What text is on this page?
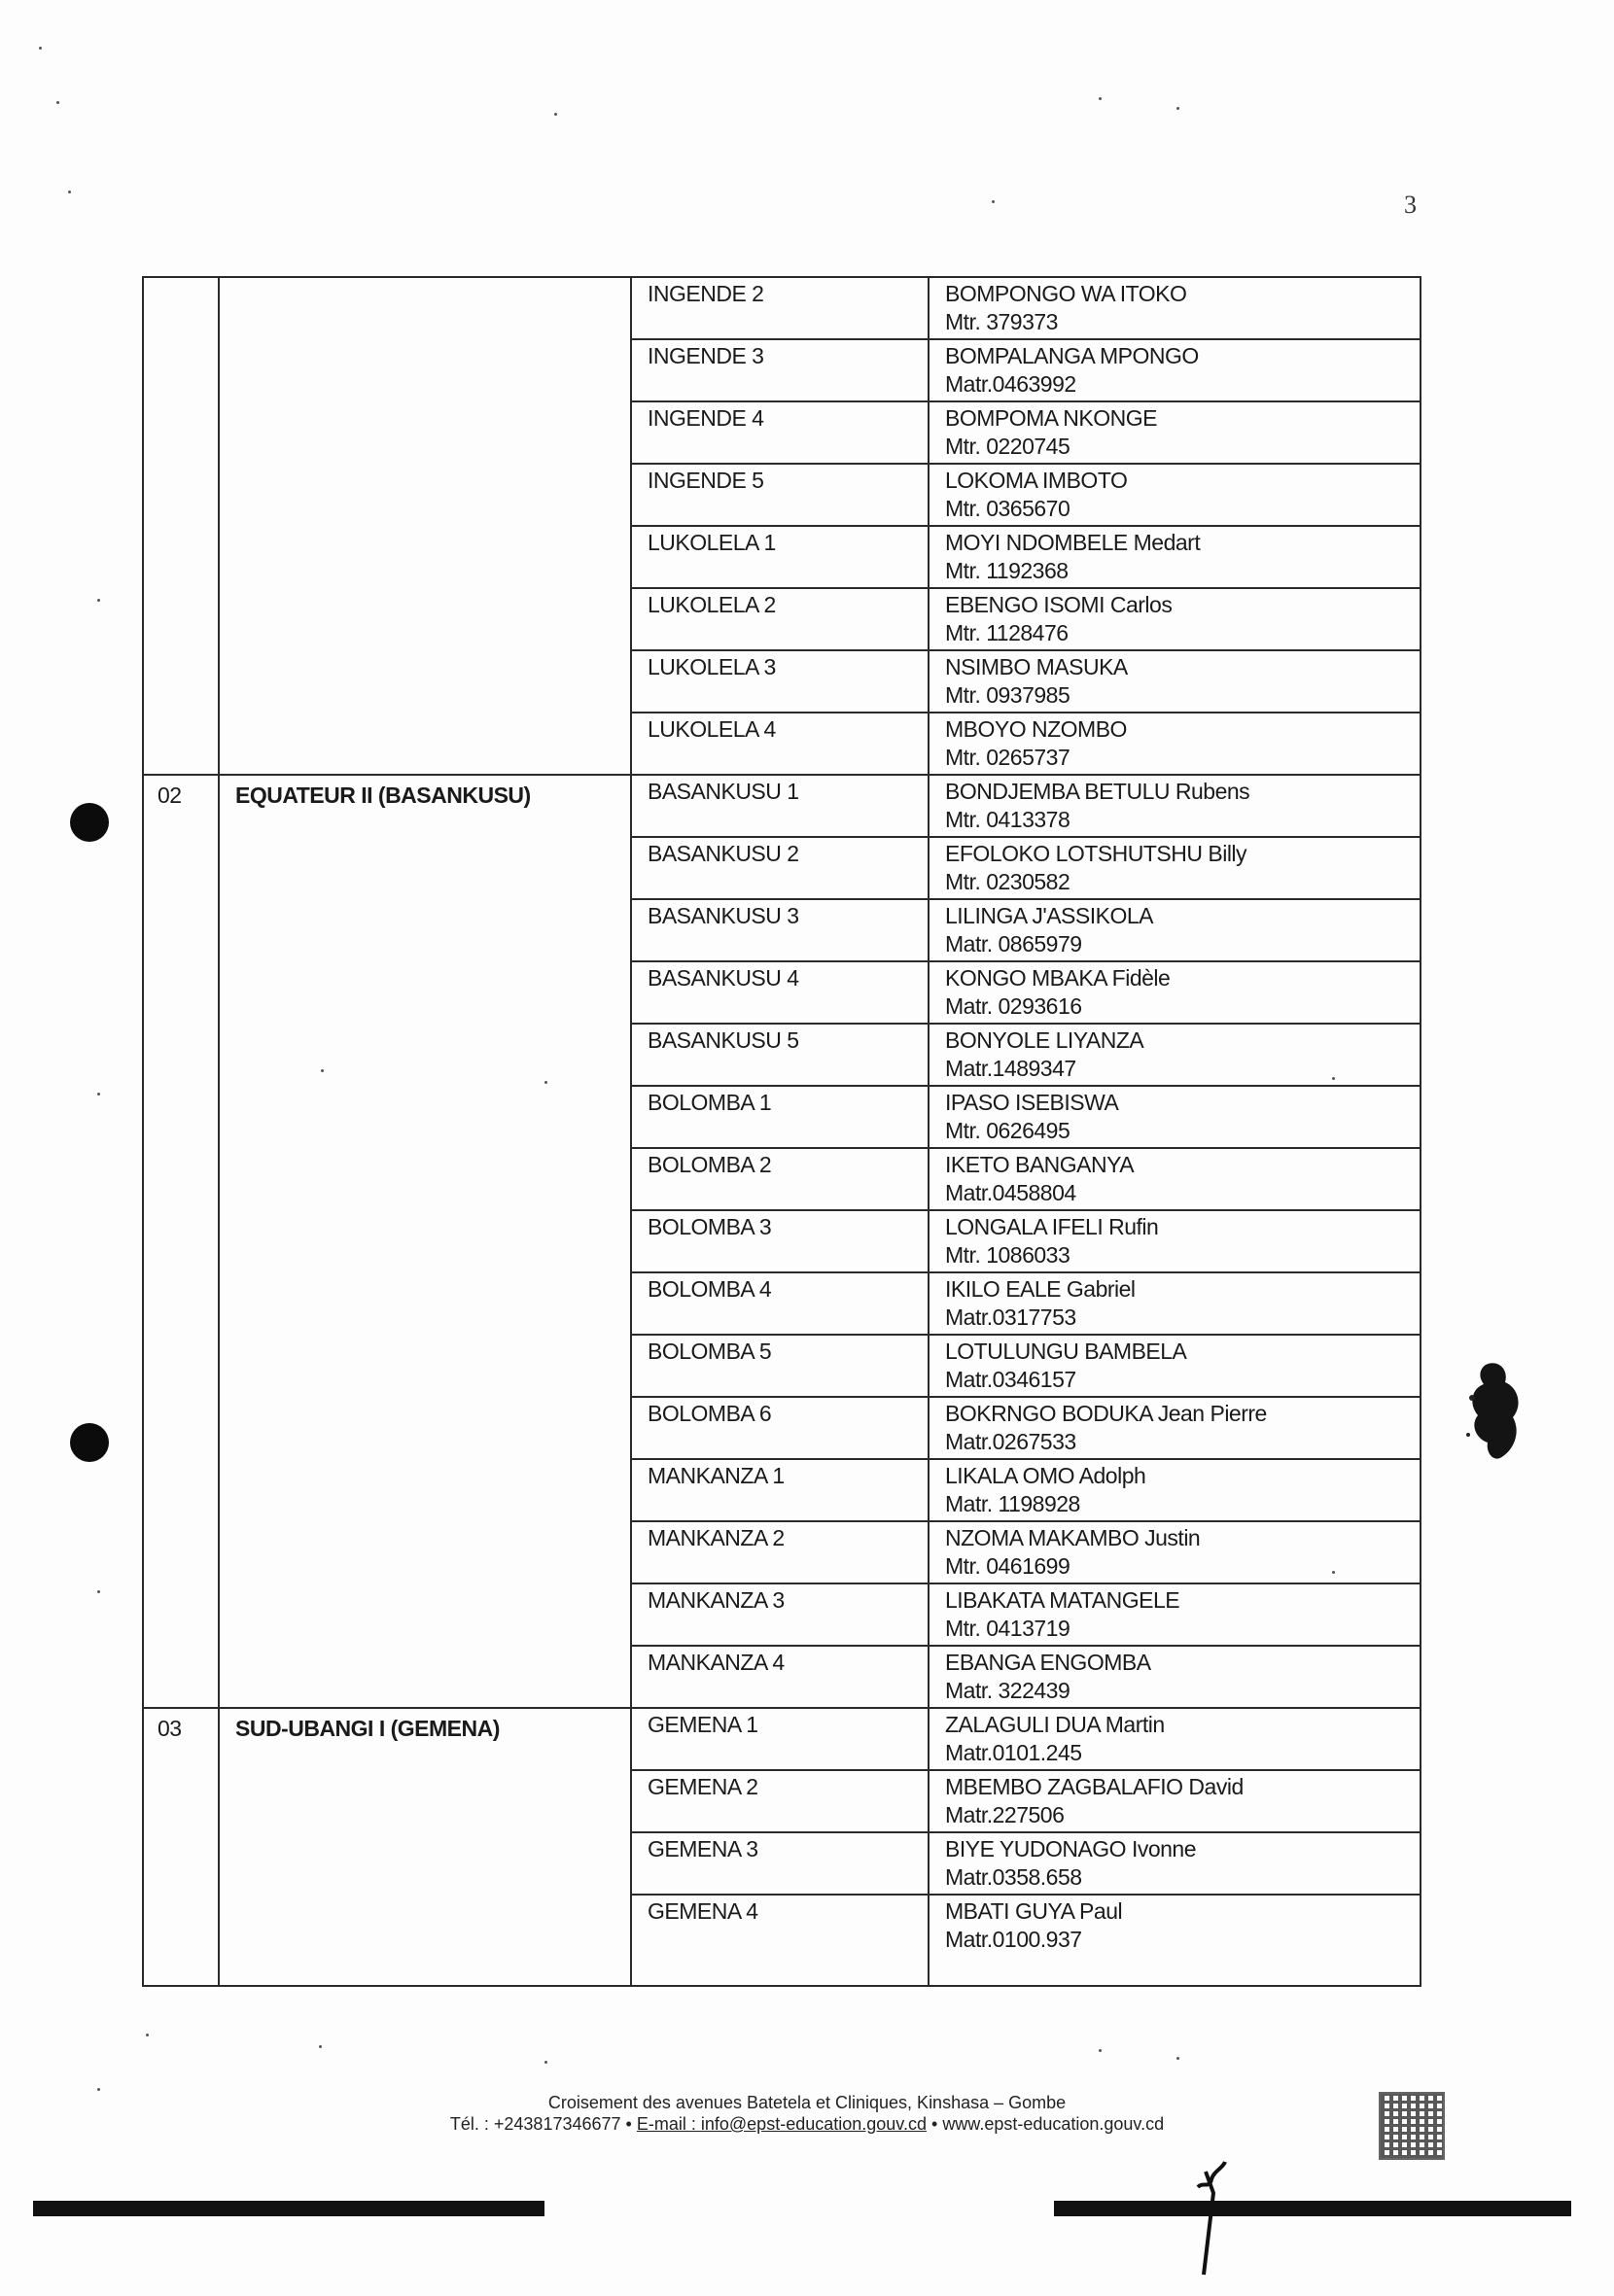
3
		INGENDE 2	BOMPONGO WA ITOKO
Mtr. 379373

		INGENDE 3	BOMPALANGA MPONGO
Matr.0463992

		INGENDE 4	BOMPOMA NKONGE
Mtr. 0220745

		INGENDE 5	LOKOMA IMBOTO
Mtr. 0365670

		LUKOLELA 1	MOYI NDOMBELE Medart
Mtr. 1192368

		LUKOLELA 2	EBENGO ISOMI Carlos
Mtr. 1128476

		LUKOLELA 3	NSIMBO MASUKA
Mtr. 0937985

		LUKOLELA 4	MBOYO NZOMBO
Mtr. 0265737

02	EQUATEUR II (BASANKUSU)	BASANKUSU 1	BONDJEMBA BETULU Rubens
Mtr. 0413378

		BASANKUSU 2	EFOLOKO LOTSHUTSHU Billy
Mtr. 0230582

		BASANKUSU 3	LILINGA J'ASSIKOLA
Matr. 0865979

		BASANKUSU 4	KONGO MBAKA Fidèle
Matr. 0293616

		BASANKUSU 5	BONYOLE LIYANZA
Matr.1489347

		BOLOMBA 1	IPASO ISEBISWA
Mtr. 0626495

		BOLOMBA 2	IKETO BANGANYA
Matr.0458804

		BOLOMBA 3	LONGALA IFELI Rufin
Mtr. 1086033

		BOLOMBA 4	IKILO EALE Gabriel
Matr.0317753

		BOLOMBA 5	LOTULUNGU BAMBELA
Matr.0346157

		BOLOMBA 6	BOKRNGO BODUKA Jean Pierre
Matr.0267533

		MANKANZA 1	LIKALA OMO Adolph
Matr. 1198928

		MANKANZA 2	NZOMA MAKAMBO Justin
Mtr. 0461699

		MANKANZA 3	LIBAKATA MATANGELE
Mtr. 0413719

		MANKANZA 4	EBANGA ENGOMBA
Matr. 322439

03	SUD-UBANGI I (GEMENA)	GEMENA 1	ZALAGULI DUA Martin
Matr.0101.245

		GEMENA 2	MBEMBO ZAGBALAFIO David
Matr.227506

		GEMENA 3	BIYE YUDONAGO Ivonne
Matr.0358.658

		GEMENA 4	MBATI GUYA Paul
Matr.0100.937
Croisement des avenues Batetela et Cliniques, Kinshasa – Gombe
Tél. : +243817346677 • E-mail : info@epst-education.gouv.cd • www.epst-education.gouv.cd
